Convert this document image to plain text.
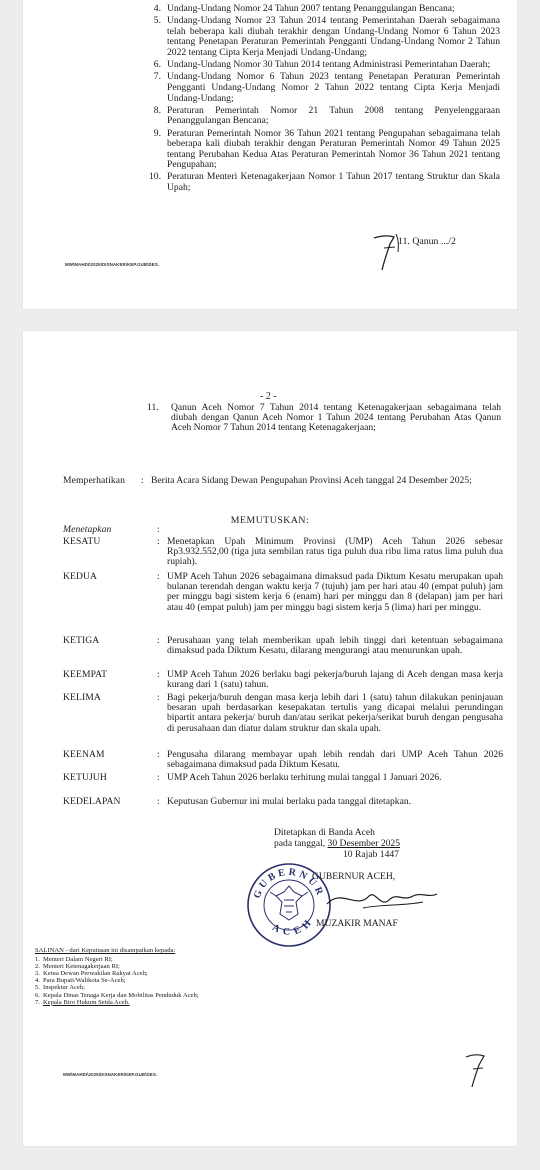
4. Undang-Undang Nomor 24 Tahun 2007 tentang Penanggulangan Bencana;
5. Undang-Undang Nomor 23 Tahun 2014 tentang Pemerintahan Daerah sebagaimana telah beberapa kali diubah terakhir dengan Undang-Undang Nomor 6 Tahun 2023 tentang Penetapan Peraturan Pemerintah Pengganti Undang-Undang Nomor 2 Tahun 2022 tentang Cipta Kerja Menjadi Undang-Undang;
6. Undang-Undang Nomor 30 Tahun 2014 tentang Administrasi Pemerintahan Daerah;
7. Undang-Undang Nomor 6 Tahun 2023 tentang Penetapan Peraturan Pemerintah Pengganti Undang-Undang Nomor 2 Tahun 2022 tentang Cipta Kerja Menjadi Undang-Undang;
8. Peraturan Pemerintah Nomor 21 Tahun 2008 tentang Penyelenggaraan Penanggulangan Bencana;
9. Peraturan Pemerintah Nomor 36 Tahun 2021 tentang Pengupahan sebagaimana telah beberapa kali diubah terakhir dengan Peraturan Pemerintah Nomor 49 Tahun 2025 tentang Perubahan Kedua Atas Peraturan Pemerintah Nomor 36 Tahun 2021 tentang Pengupahan;
10. Peraturan Menteri Ketenagakerjaan Nomor 1 Tahun 2017 tentang Struktur dan Skala Upah;
11. Qanun .../2
MW\MAHDI\2025\DISNAKER\KEP.GUB\DES.
- 2 -
11.	Qanun Aceh Nomor 7 Tahun 2014 tentang Ketenagakerjaan sebagaimana telah diubah dengan Qanun Aceh Nomor 1 Tahun 2024 tentang Perubahan Atas Qanun Aceh Nomor 7 Tahun 2014 tentang Ketenagakerjaan;
Memperhatikan	: Berita Acara Sidang Dewan Pengupahan Provinsi Aceh tanggal 24 Desember 2025;
MEMUTUSKAN:
Menetapkan	:
KESATU	: Menetapkan Upah Minimum Provinsi (UMP) Aceh Tahun 2026 sebesar Rp3.932.552,00 (tiga juta sembilan ratus tiga puluh dua ribu lima ratus lima puluh dua rupiah).
KEDUA	: UMP Aceh Tahun 2026 sebagaimana dimaksud pada Diktum Kesatu merupakan upah bulanan terendah dengan waktu kerja 7 (tujuh) jam per hari atau 40 (empat puluh) jam per minggu bagi sistem kerja 6 (enam) hari per minggu dan 8 (delapan) jam per hari atau 40 (empat puluh) jam per minggu bagi sistem kerja 5 (lima) hari per minggu.
KETIGA	: Perusahaan yang telah memberikan upah lebih tinggi dari ketentuan sebagaimana dimaksud pada Diktum Kesatu, dilarang mengurangi atau menurunkan upah.
KEEMPAT	: UMP Aceh Tahun 2026 berlaku bagi pekerja/buruh lajang di Aceh dengan masa kerja kurang dari 1 (satu) tahun.
KELIMA	: Bagi pekerja/buruh dengan masa kerja lebih dari 1 (satu) tahun dilakukan peninjauan besaran upah berdasarkan kesepakatan tertulis yang dicapai melalui perundingan bipartit antara pekerja/ buruh dan/atau serikat pekerja/serikat buruh dengan pengusaha di perusahaan dan diatur dalam struktur dan skala upah.
KEENAM	: Pengusaha dilarang membayar upah lebih rendah dari UMP Aceh Tahun 2026 sebagaimana dimaksud pada Diktum Kesatu.
KETUJUH	: UMP Aceh Tahun 2026 berlaku terhitung mulai tanggal 1 Januari 2026.
KEDELAPAN	: Keputusan Gubernur ini mulai berlaku pada tanggal ditetapkan.
Ditetapkan di Banda Aceh
pada tanggal, 30 Desember 2025
10 Rajab 1447
GUBERNUR
ACEH
GUBERNUR ACEH,
MUZAKIR MANAF
SALINAN - dari Keputusan ini disampaikan kepada:
1. Menteri Dalam Negeri RI;
2. Menteri Ketenagakerjaan RI;
3. Ketua Dewan Perwakilan Rakyat Aceh;
4. Para Bupati/Walikota Se-Aceh;
5. Inspektur Aceh;
6. Kepala Dinas Tenaga Kerja dan Mobilitas Penduduk Aceh;
7. Kepala Biro Hukum Setda Aceh.
MW\MAHDI\2025\DISNAKER\KEP.GUB\DES.
